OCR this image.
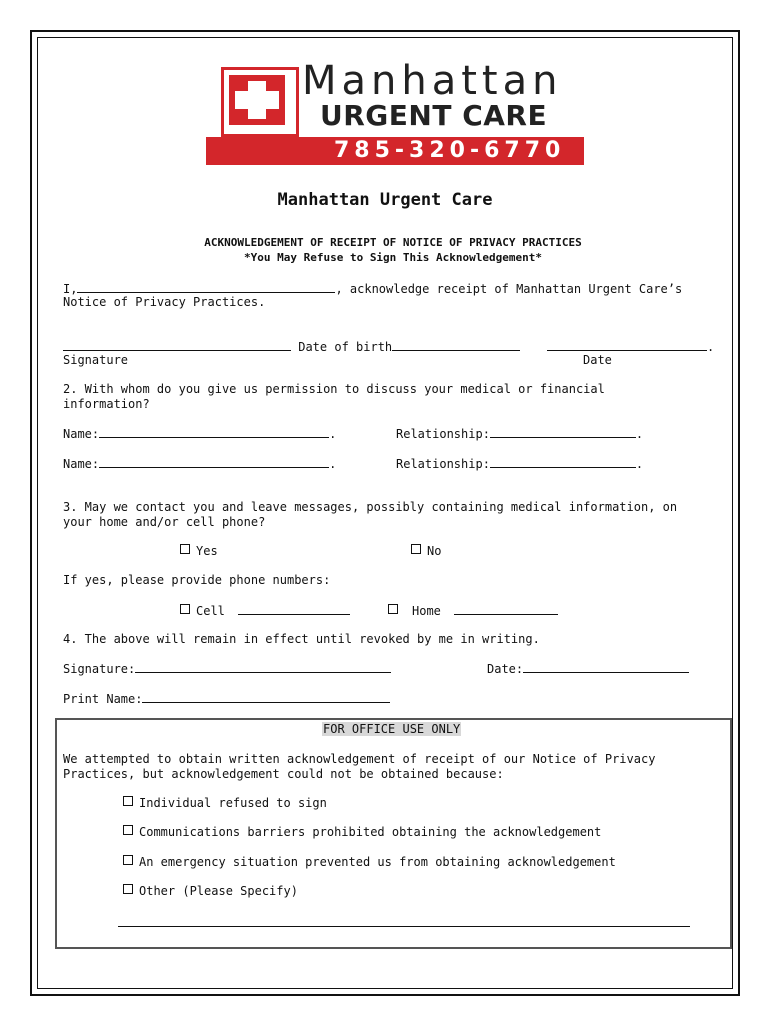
Manhattan
URGENT CARE
785-320-6770
Manhattan Urgent Care
ACKNOWLEDGEMENT OF RECEIPT OF NOTICE OF PRIVACY PRACTICES
*You May Refuse to Sign This Acknowledgement*
I,	, acknowledge receipt of Manhattan Urgent Care’s
Notice of Privacy Practices.
Date of birth	.
Signature	Date
2. With whom do you give us permission to discuss your medical or financial
information?
Name:	.	Relationship:	.
Name:	.	Relationship:	.
3. May we contact you and leave messages, possibly containing medical information, on
your home and/or cell phone?
Yes	No
If yes, please provide phone numbers:
Cell	Home
4. The above will remain in effect until revoked by me in writing.
Signature:	Date:
Print Name:
FOR OFFICE USE ONLY
We attempted to obtain written acknowledgement of receipt of our Notice of Privacy
Practices, but acknowledgement could not be obtained because:
Individual refused to sign
Communications barriers prohibited obtaining the acknowledgement
An emergency situation prevented us from obtaining acknowledgement
Other (Please Specify)
